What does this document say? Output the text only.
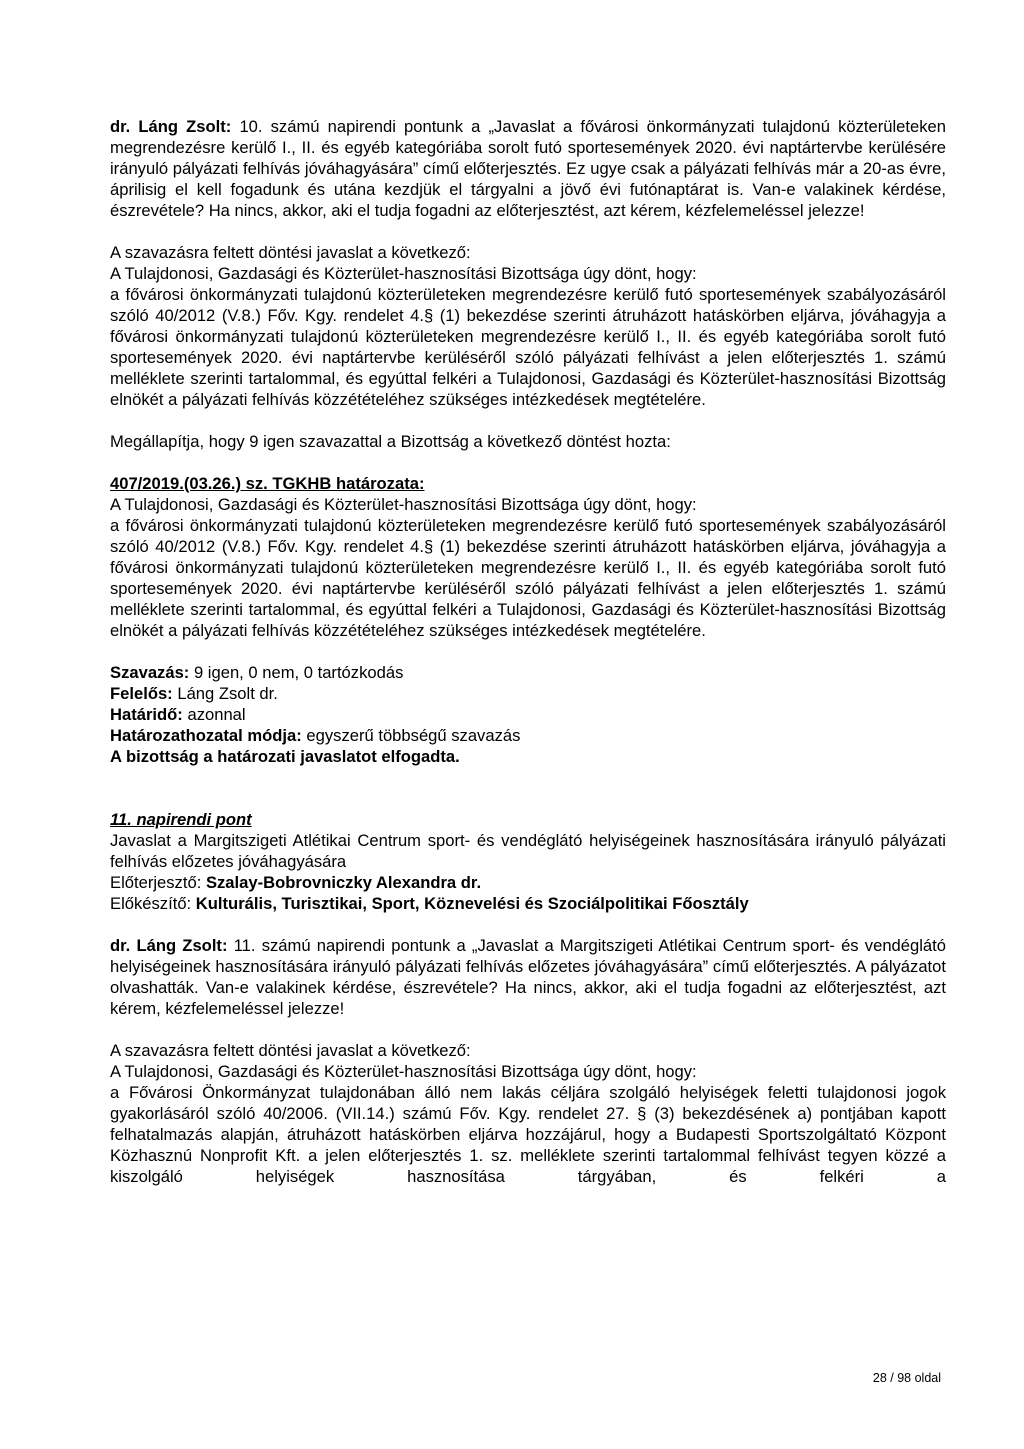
dr. Láng Zsolt: 10. számú napirendi pontunk a „Javaslat a fővárosi önkormányzati tulajdonú közterületeken megrendezésre kerülő I., II. és egyéb kategóriába sorolt futó sportesemények 2020. évi naptártervbe kerülésére irányuló pályázati felhívás jóváhagyására” című előterjesztés. Ez ugye csak a pályázati felhívás már a 20-as évre, áprilisig el kell fogadunk és utána kezdjük el tárgyalni a jövő évi futónaptárat is. Van-e valakinek kérdése, észrevétele? Ha nincs, akkor, aki el tudja fogadni az előterjesztést, azt kérem, kézfelemeléssel jelezze!

A szavazásra feltett döntési javaslat a következő:

A Tulajdonosi, Gazdasági és Közterület-hasznosítási Bizottsága úgy dönt, hogy:

a fővárosi önkormányzati tulajdonú közterületeken megrendezésre kerülő futó sportesemények szabályozásáról szóló 40/2012 (V.8.) Főv. Kgy. rendelet 4.§ (1) bekezdése szerinti átruházott hatáskörben eljárva, jóváhagyja a fővárosi önkormányzati tulajdonú közterületeken megrendezésre kerülő I., II. és egyéb kategóriába sorolt futó sportesemények 2020. évi naptártervbe kerüléséről szóló pályázati felhívást a jelen előterjesztés 1. számú melléklete szerinti tartalommal, és egyúttal felkéri a Tulajdonosi, Gazdasági és Közterület-hasznosítási Bizottság elnökét a pályázati felhívás közzétételéhez szükséges intézkedések megtételére.

Megállapítja, hogy 9 igen szavazattal a Bizottság a következő döntést hozta:

407/2019.(03.26.) sz. TGKHB határozata:

A Tulajdonosi, Gazdasági és Közterület-hasznosítási Bizottsága úgy dönt, hogy:

a fővárosi önkormányzati tulajdonú közterületeken megrendezésre kerülő futó sportesemények szabályozásáról szóló 40/2012 (V.8.) Főv. Kgy. rendelet 4.§ (1) bekezdése szerinti átruházott hatáskörben eljárva, jóváhagyja a fővárosi önkormányzati tulajdonú közterületeken megrendezésre kerülő I., II. és egyéb kategóriába sorolt futó sportesemények 2020. évi naptártervbe kerüléséről szóló pályázati felhívást a jelen előterjesztés 1. számú melléklete szerinti tartalommal, és egyúttal felkéri a Tulajdonosi, Gazdasági és Közterület-hasznosítási Bizottság elnökét a pályázati felhívás közzétételéhez szükséges intézkedések megtételére.

Szavazás: 9 igen, 0 nem, 0 tartózkodás

Felelős: Láng Zsolt dr.

Határidő: azonnal

Határozathozatal módja: egyszerű többségű szavazás

A bizottság a határozati javaslatot elfogadta.

11. napirendi pont

Javaslat a Margitszigeti Atlétikai Centrum sport- és vendéglátó helyiségeinek hasznosítására irányuló pályázati felhívás előzetes jóváhagyására

Előterjesztő: Szalay-Bobrovniczky Alexandra dr.

Előkészítő: Kulturális, Turisztikai, Sport, Köznevelési és Szociálpolitikai Főosztály

dr. Láng Zsolt: 11. számú napirendi pontunk a „Javaslat a Margitszigeti Atlétikai Centrum sport- és vendéglátó helyiségeinek hasznosítására irányuló pályázati felhívás előzetes jóváhagyására” című előterjesztés. A pályázatot olvashatták. Van-e valakinek kérdése, észrevétele? Ha nincs, akkor, aki el tudja fogadni az előterjesztést, azt kérem, kézfelemeléssel jelezze!

A szavazásra feltett döntési javaslat a következő:

A Tulajdonosi, Gazdasági és Közterület-hasznosítási Bizottsága úgy dönt, hogy:

a Fővárosi Önkormányzat tulajdonában álló nem lakás céljára szolgáló helyiségek feletti tulajdonosi jogok gyakorlásáról szóló 40/2006. (VII.14.) számú Főv. Kgy. rendelet 27. § (3) bekezdésének a) pontjában kapott felhatalmazás alapján, átruházott hatáskörben eljárva hozzájárul, hogy a Budapesti Sportszolgáltató Központ Közhasznú Nonprofit Kft. a jelen előterjesztés 1. sz. melléklete szerinti tartalommal felhívást tegyen közzé a kiszolgáló helyiségek hasznosítása tárgyában, és felkéri a

28 / 98 oldal
